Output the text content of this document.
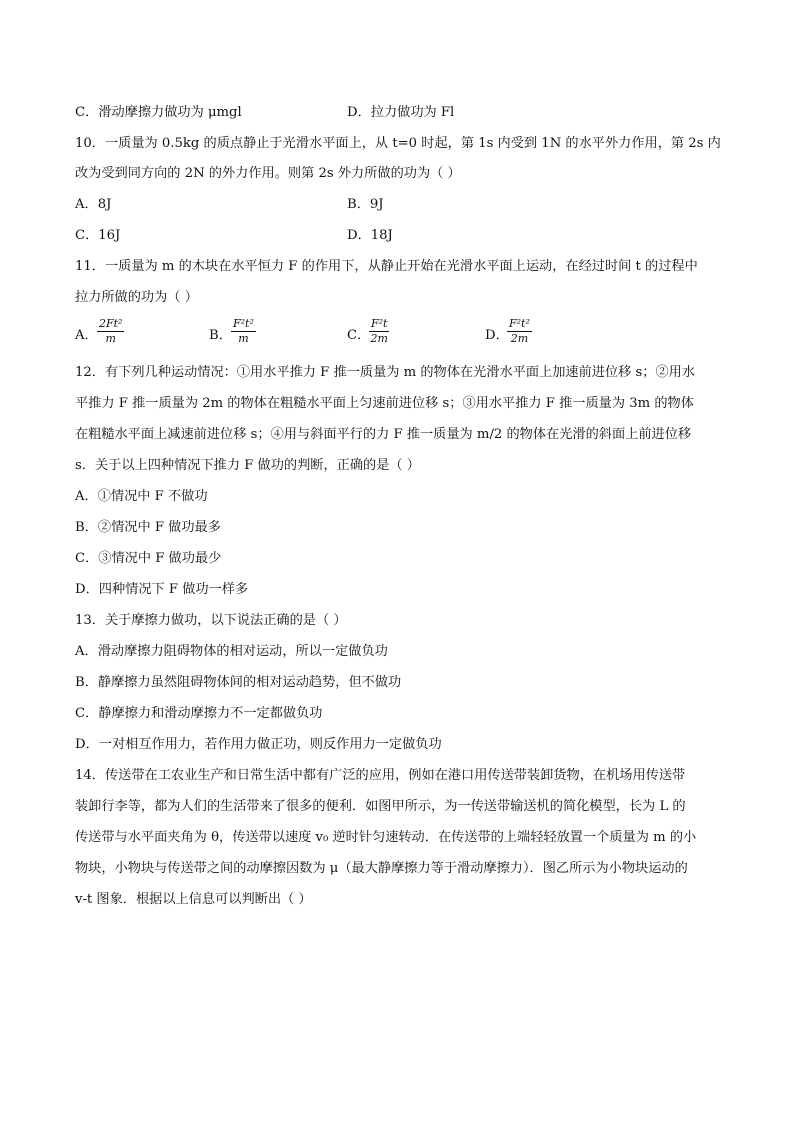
C．滑动摩擦力做功为 μmgl	D．拉力做功为 Fl
10．一质量为 0.5kg 的质点静止于光滑水平面上，从 t=0 时起，第 1s 内受到 1N 的水平外力作用，第 2s 内
改为受到同方向的 2N 的外力作用。则第 2s 外力所做的功为（ ）
A．8J	B．9J
C．16J	D．18J
11．一质量为 m 的木块在水平恒力 F 的作用下，从静止开始在光滑水平面上运动，在经过时间 t 的过程中
拉力所做的功为（ ）
A． $\frac{\text{2Ft²}}{m}$	B． $\frac{\text{F²t²}}{m}$	C．
$\frac{\text{F²t}}{2m}$	D．
$\frac{\text{F²t²}}{2m}$
12．有下列几种运动情况：①用水平推力 F 推一质量为 m 的物体在光滑水平面上加速前进位移 s；②用水
平推力 F 推一质量为 2m 的物体在粗糙水平面上匀速前进位移 s；③用水平推力 F 推一质量为 3m 的物体
在粗糙水平面上减速前进位移 s；④用与斜面平行的力 F 推一质量为 m/2 的物体在光滑的斜面上前进位移
s．关于以上四种情况下推力 F 做功的判断，正确的是（ ）
A．①情况中 F 不做功
B．②情况中 F 做功最多
C．③情况中 F 做功最少
D．四种情况下 F 做功一样多
13．关于摩擦力做功，以下说法正确的是（ ）
A．滑动摩擦力阻碍物体的相对运动，所以一定做负功
B．静摩擦力虽然阻碍物体间的相对运动趋势，但不做功
C．静摩擦力和滑动摩擦力不一定都做负功
D．一对相互作用力，若作用力做正功，则反作用力一定做负功
14．传送带在工农业生产和日常生活中都有广泛的应用，例如在港口用传送带装卸货物，在机场用传送带
装卸行李等，都为人们的生活带来了很多的便利．如图甲所示，为一传送带输送机的简化模型，长为 L 的
传送带与水平面夹角为 θ，传送带以速度 v₀ 逆时针匀速转动．在传送带的上端轻轻放置一个质量为 m 的小
物块，小物块与传送带之间的动摩擦因数为 μ（最大静摩擦力等于滑动摩擦力）．图乙所示为小物块运动的
v-t 图象．根据以上信息可以判断出（ ）
